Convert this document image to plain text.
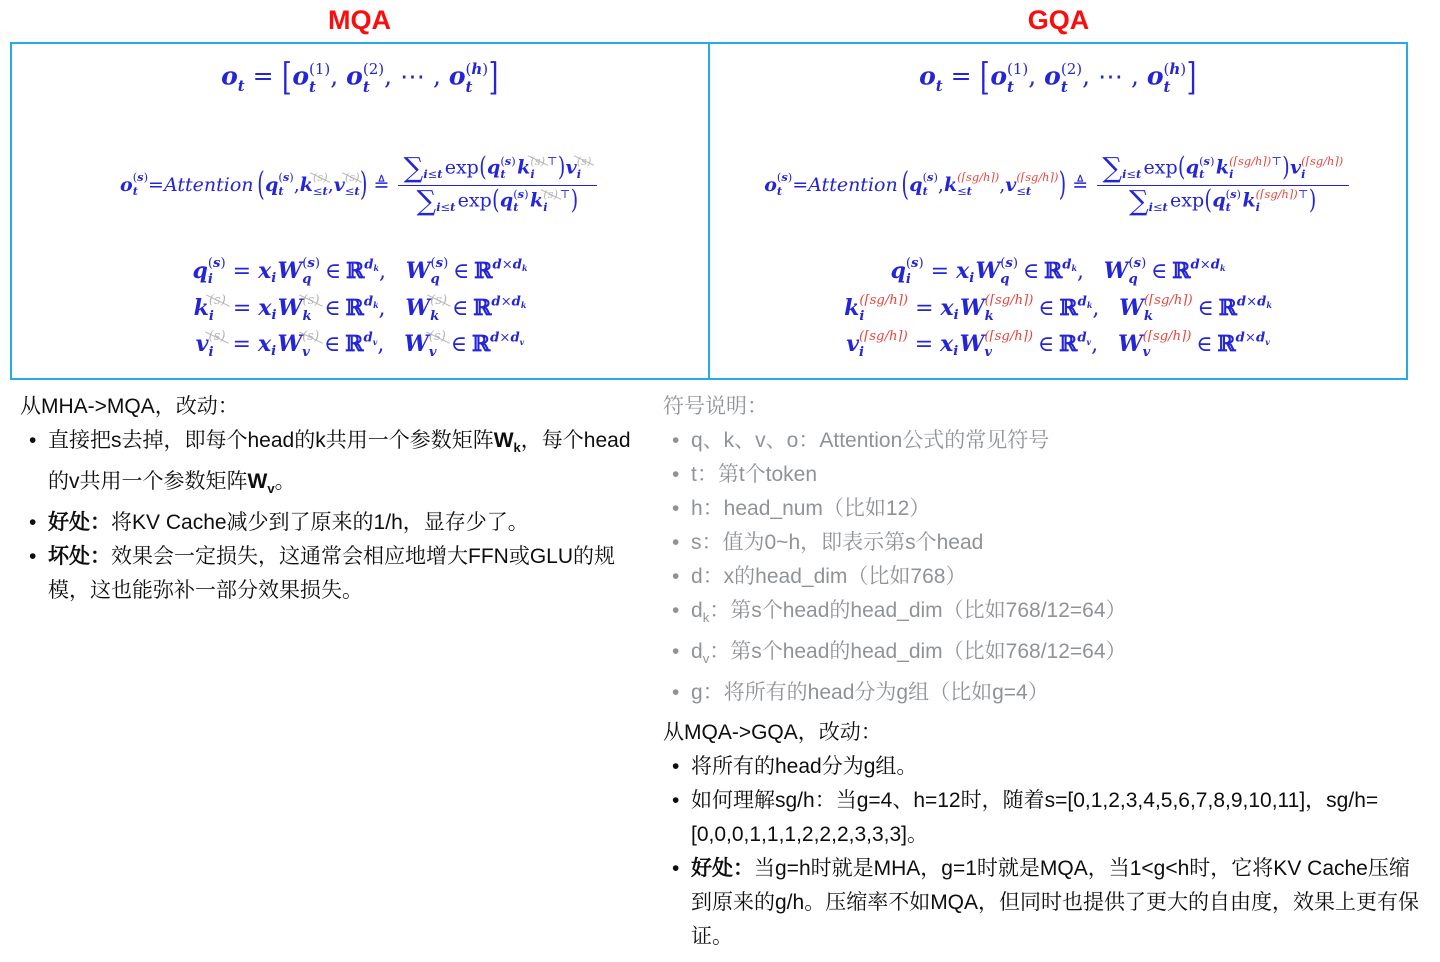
MQA	GQA
o t = [o (1)
t , o (2)
t , ⋯ , o (h)
t ]
o (s)
t = Attention ( q (s)
t , k (s)
≤t , v (s)
≤t ) ≜
∑ i≤t exp(q (s)
t k (s) ⊤
i )v (s)
i
∑ i≤t exp(q (s)
t k (s) ⊤
i )
q (s)
i = x i W (s)
q ∈ ℝ d k , W (s)
q ∈ ℝ d×d k
k (s)
i = x i W (s)
k ∈ ℝ d k , W (s)
k ∈ ℝ d×d k
v (s)
i = x i W (s)
v ∈ ℝ d v , W (s)
v ∈ ℝ d×d v
o t = [o (1)
t , o (2)
t , ⋯ , o (h)
t ]
o (s)
t = Attention ( q (s)
t , k (⌈sg/h⌉)
≤t , v (⌈sg/h⌉)
≤t ) ≜
∑ i≤t exp(q (s)
t k (⌈sg/h⌉)⊤
i	)v (⌈sg/h⌉)
i
∑ i≤t exp(q (s)
t k (⌈sg/h⌉)⊤
i	)
q (s)
i = x i W (s)
q ∈ ℝ d k , W (s)
q ∈ ℝ d×d k
k (⌈sg/h⌉)
i = x i W (⌈sg/h⌉)
k ∈ ℝ d k , W (⌈sg/h⌉)
k ∈ ℝ d×d k
v (⌈sg/h⌉)
i = x i W (⌈sg/h⌉)
v ∈ ℝ d v , W (⌈sg/h⌉)
v ∈ ℝ d×d v
从MHA->MQA，改动：
• 直接把s去掉，即每个head的k共用一个参数矩阵$W_k$，每个head的v共用一个参数矩阵$W_v$。
• 好处：将KV Cache减少到了原来的1/h，显存少了。
• 坏处：效果会一定损失，这通常会相应地增大FFN或GLU的规模，这也能弥补一部分效果损失。
符号说明：
• q、k、v、o：Attention公式的常见符号
• t：第t个token
• h：head_num（比如12）
• s：值为0~h，即表示第s个head
• d：x的head_dim（比如768）
• $d_k$：第s个head的head_dim（比如768/12=64）
• $d_v$：第s个head的head_dim（比如768/12=64）
• g：将所有的head分为g组（比如g=4）
从MQA->GQA，改动：
• 将所有的head分为g组。
• 如何理解sg/h：当g=4、h=12时，随着s=[0,1,2,3,4,5,6,7,8,9,10,11]，sg/h=[0,0,0,1,1,1,2,2,2,3,3,3]。
• 好处：当g=h时就是MHA，g=1时就是MQA，当1<g<h时，它将KV Cache压缩到原来的g/h。压缩率不如MQA，但同时也提供了更大的自由度，效果上更有保证。
